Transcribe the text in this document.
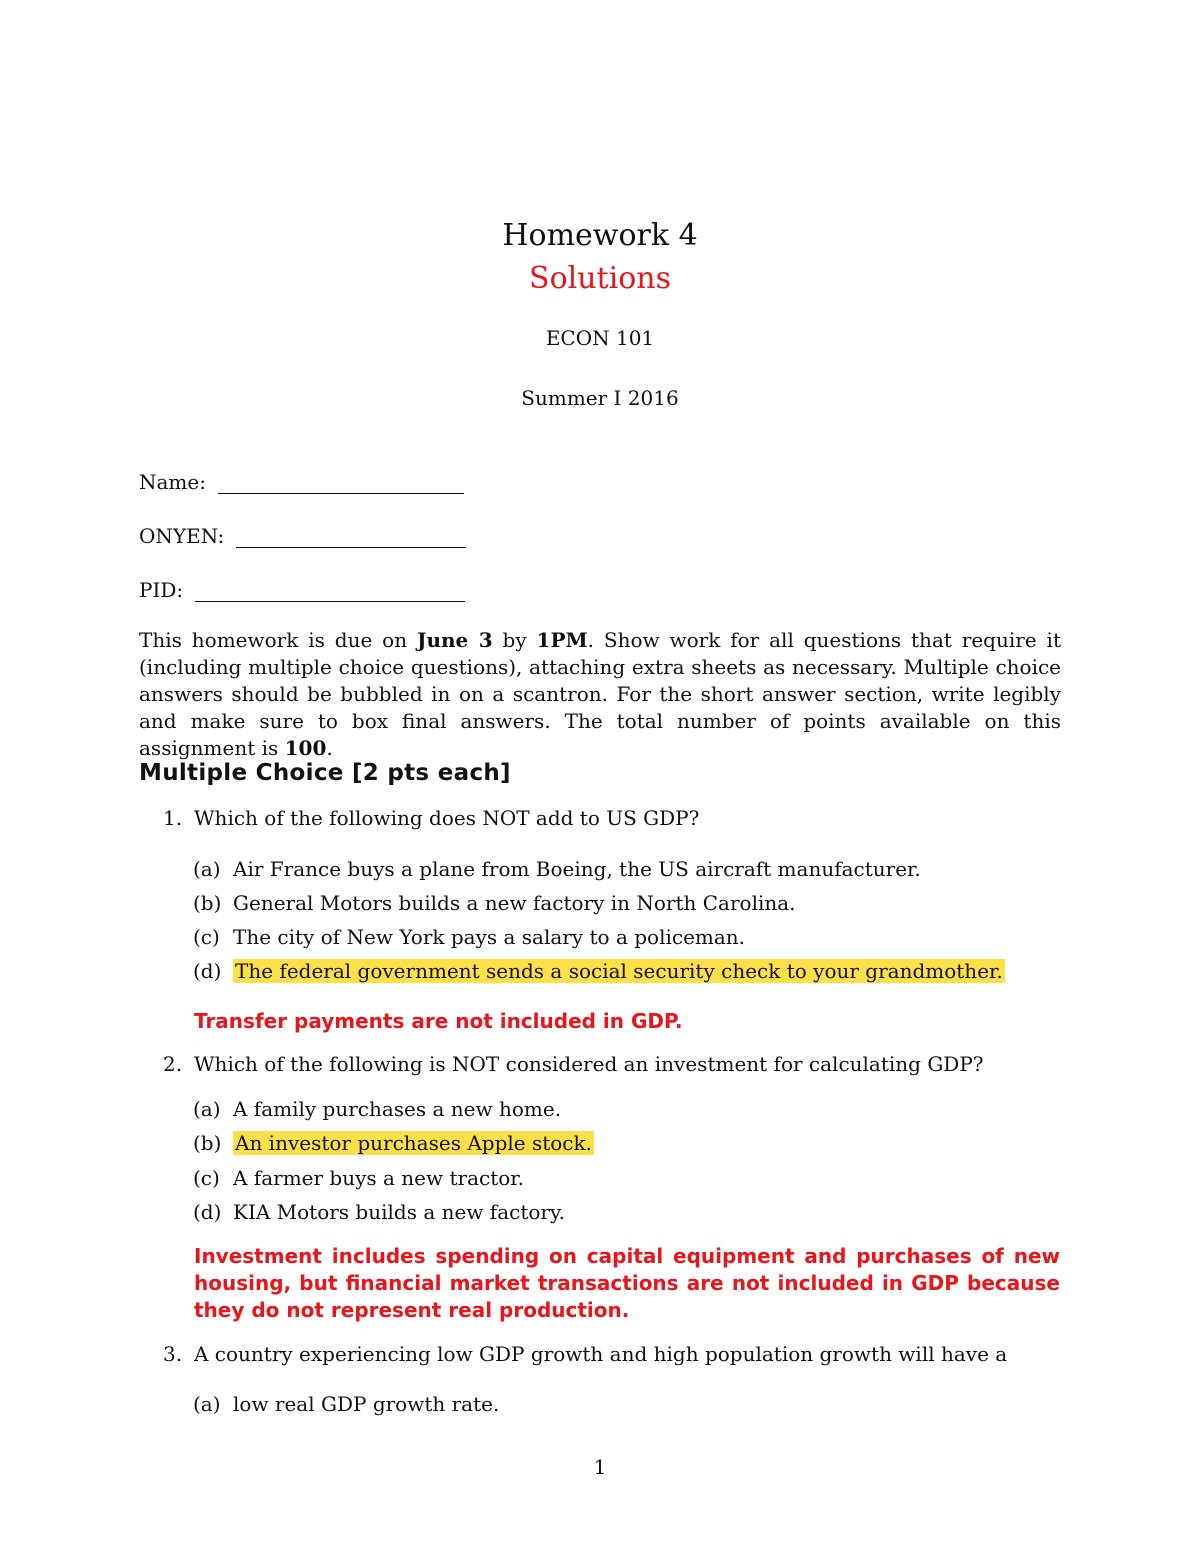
Homework 4
Solutions
ECON 101
Summer I 2016
Name:
ONYEN:
PID:
This homework is due on June 3 by 1PM. Show work for all questions that require it (including multiple choice questions), attaching extra sheets as necessary. Multiple choice answers should be bubbled in on a scantron. For the short answer section, write legibly and make sure to box final answers. The total number of points available on this assignment is 100.
Multiple Choice [2 pts each]
1. Which of the following does NOT add to US GDP?
(a) Air France buys a plane from Boeing, the US aircraft manufacturer.
(b) General Motors builds a new factory in North Carolina.
(c) The city of New York pays a salary to a policeman.
(d) The federal government sends a social security check to your grandmother.
Transfer payments are not included in GDP.
2. Which of the following is NOT considered an investment for calculating GDP?
(a) A family purchases a new home.
(b) An investor purchases Apple stock.
(c) A farmer buys a new tractor.
(d) KIA Motors builds a new factory.
Investment includes spending on capital equipment and purchases of new housing, but financial market transactions are not included in GDP because they do not represent real production.
3. A country experiencing low GDP growth and high population growth will have a
(a) low real GDP growth rate.
1
